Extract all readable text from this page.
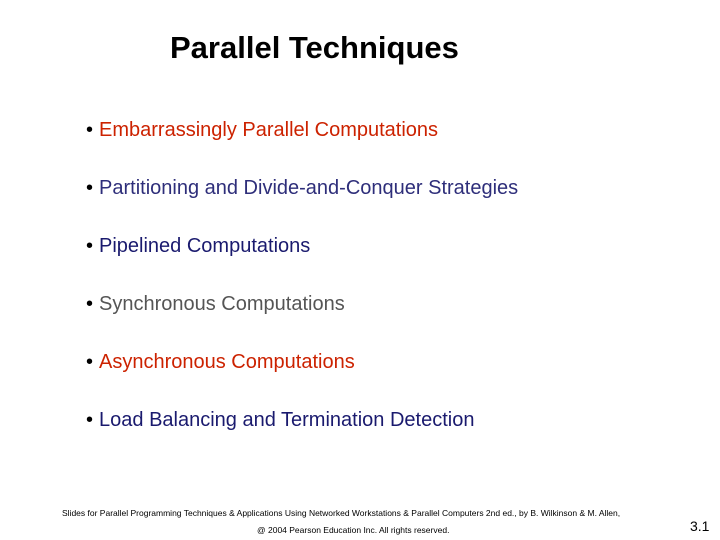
Parallel Techniques
• Embarrassingly Parallel Computations
• Partitioning and Divide-and-Conquer Strategies
• Pipelined Computations
• Synchronous Computations
• Asynchronous Computations
• Load Balancing and Termination Detection
Slides for Parallel Programming Techniques & Applications Using Networked Workstations & Parallel Computers 2nd ed., by B. Wilkinson & M. Allen,
@ 2004 Pearson Education Inc. All rights reserved.	3.1
